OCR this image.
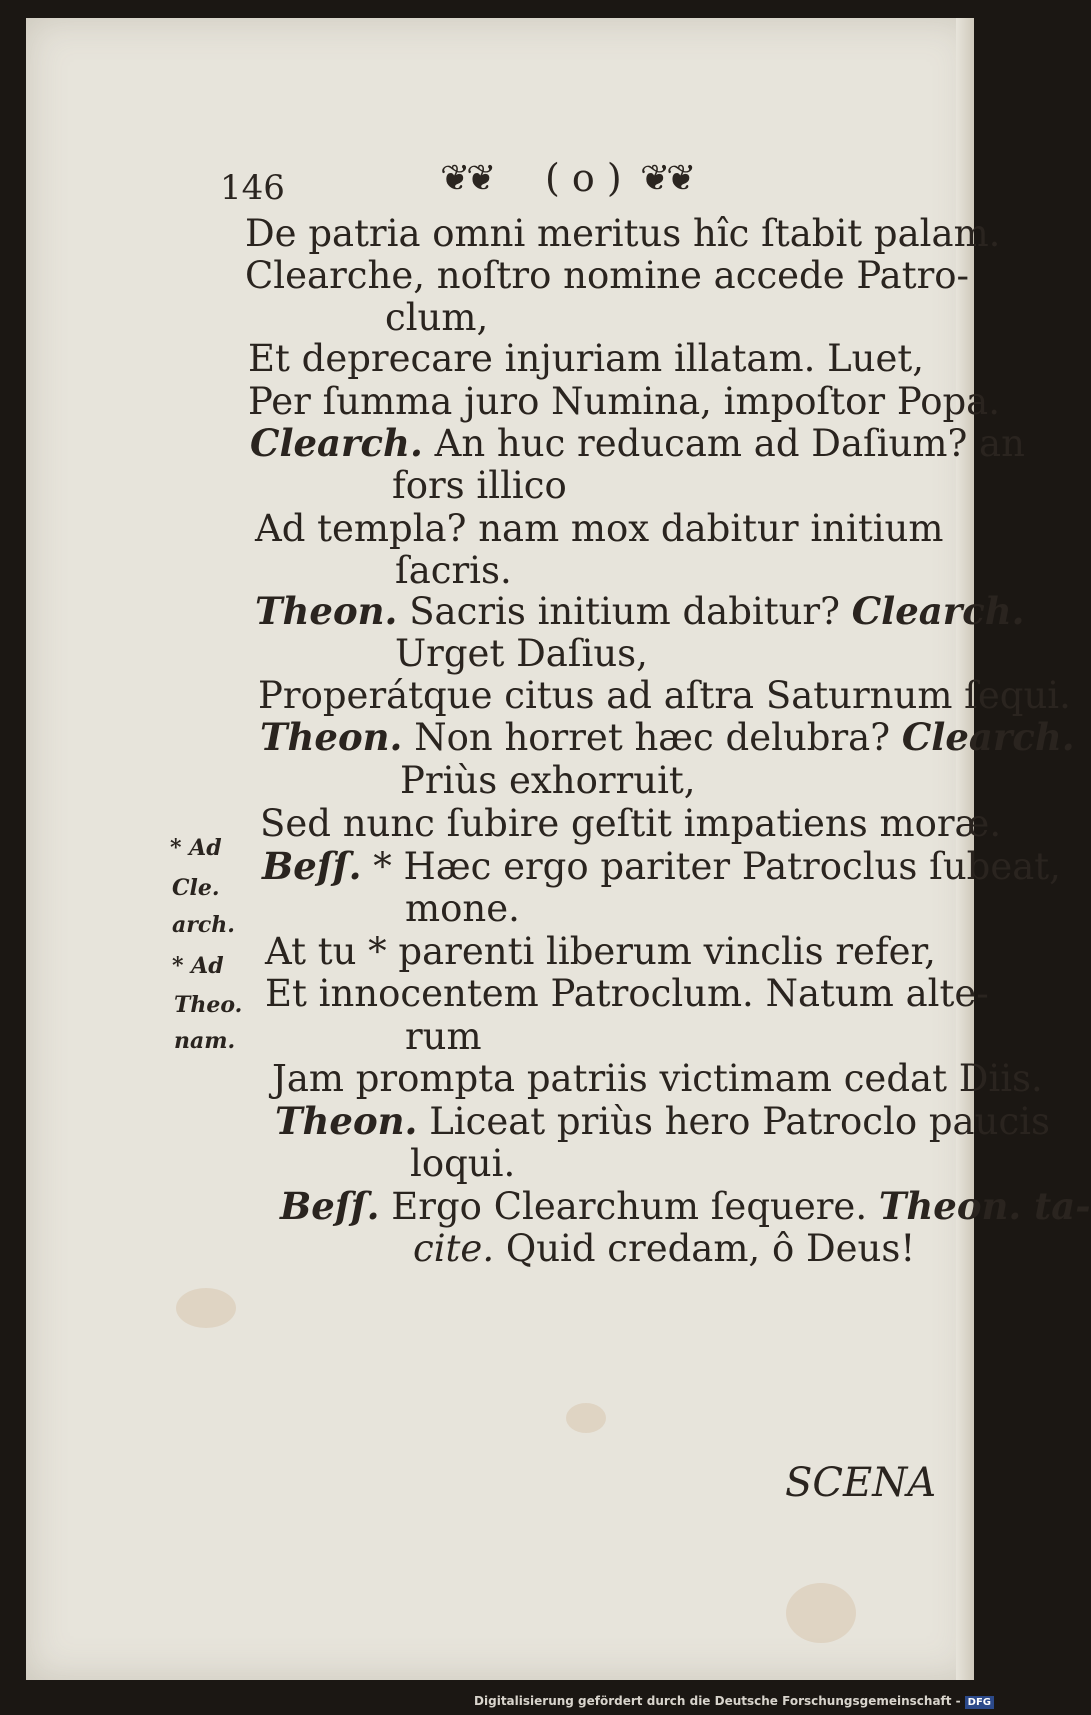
146	❦❦ ( o ) ❦❦
De patria omni meritus hîc ſtabit palam.
Clearche, noſtro nomine accede Patro-
clum,
Et deprecare injuriam illatam. Luet,
Per ſumma juro Numina, impoſtor Popa.
Clearch. An huc reducam ad Daſium? an
fors illico
Ad templa? nam mox dabitur initium
ſacris.
Theon. Sacris initium dabitur? Clearch.
Urget Daſius,
Properátque citus ad aſtra Saturnum ſequi.
Theon. Non horret hæc delubra? Clearch.
Priùs exhorruit,
Sed nunc ſubire geſtit impatiens moræ.
Beſſ. * Hæc ergo pariter Patroclus ſubeat,
mone.
At tu * parenti liberum vinclis refer,
Et innocentem Patroclum. Natum alte-
rum
Jam prompta patriis victimam cedat Diis.
Theon. Liceat priùs hero Patroclo paucis
loqui.
Beſſ. Ergo Clearchum ſequere. Theon. ta-
cite. Quid credam, ô Deus!
* Ad
Cle.
arch.
* Ad
Theo.
nam.
SCENA
Digitalisierung gefördert durch die Deutsche Forschungsgemeinschaft - DFG
